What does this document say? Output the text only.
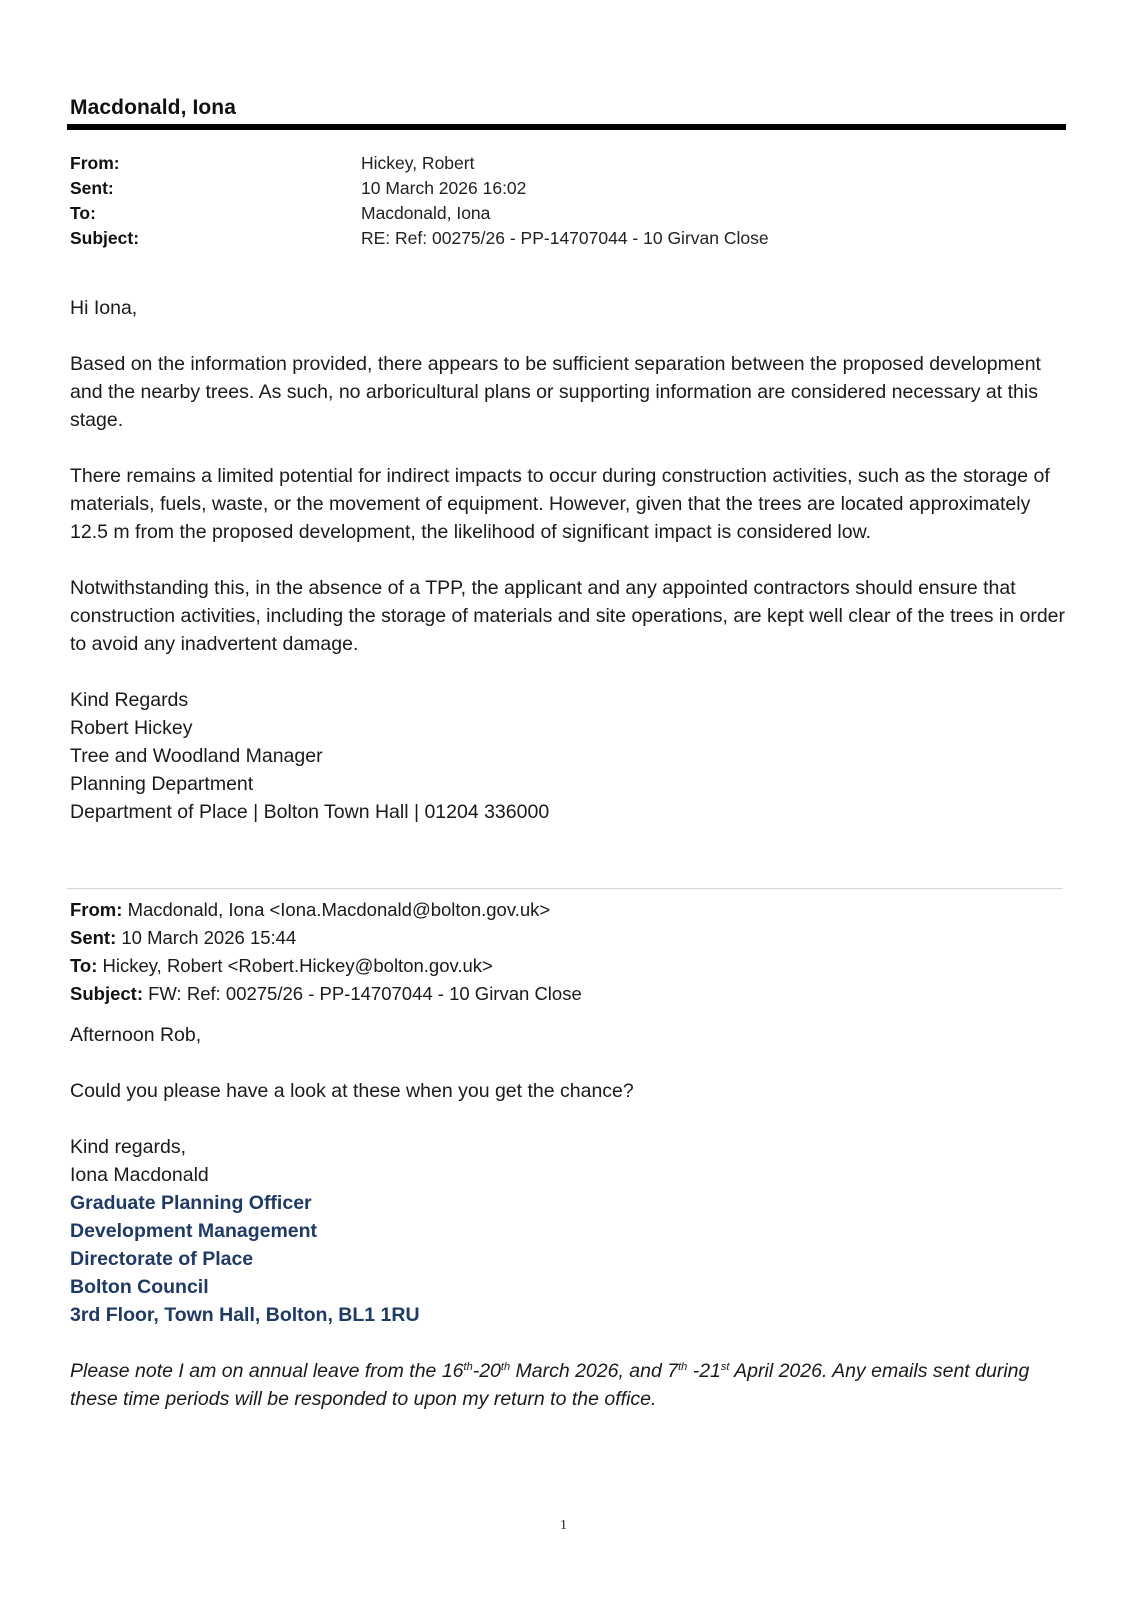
Macdonald, Iona
From:	Hickey, Robert
Sent:	10 March 2026 16:02
To:	Macdonald, Iona
Subject:	RE: Ref: 00275/26 - PP-14707044 - 10 Girvan Close

Hi Iona,

Based on the information provided, there appears to be sufficient separation between the proposed development and the nearby trees. As such, no arboricultural plans or supporting information are considered necessary at this stage.

There remains a limited potential for indirect impacts to occur during construction activities, such as the storage of materials, fuels, waste, or the movement of equipment. However, given that the trees are located approximately 12.5 m from the proposed development, the likelihood of significant impact is considered low.

Notwithstanding this, in the absence of a TPP, the applicant and any appointed contractors should ensure that construction activities, including the storage of materials and site operations, are kept well clear of the trees in order to avoid any inadvertent damage.

Kind Regards
Robert Hickey
Tree and Woodland Manager
Planning Department
Department of Place | Bolton Town Hall | 01204 336000
From: Macdonald, Iona <Iona.Macdonald@bolton.gov.uk>
Sent: 10 March 2026 15:44
To: Hickey, Robert <Robert.Hickey@bolton.gov.uk>
Subject: FW: Ref: 00275/26 - PP-14707044 - 10 Girvan Close

Afternoon Rob,

Could you please have a look at these when you get the chance?

Kind regards,
Iona Macdonald
Graduate Planning Officer
Development Management
Directorate of Place
Bolton Council
3rd Floor, Town Hall, Bolton, BL1 1RU

Please note I am on annual leave from the 16th-20th March 2026, and 7th -21st April 2026. Any emails sent during these time periods will be responded to upon my return to the office.

1
